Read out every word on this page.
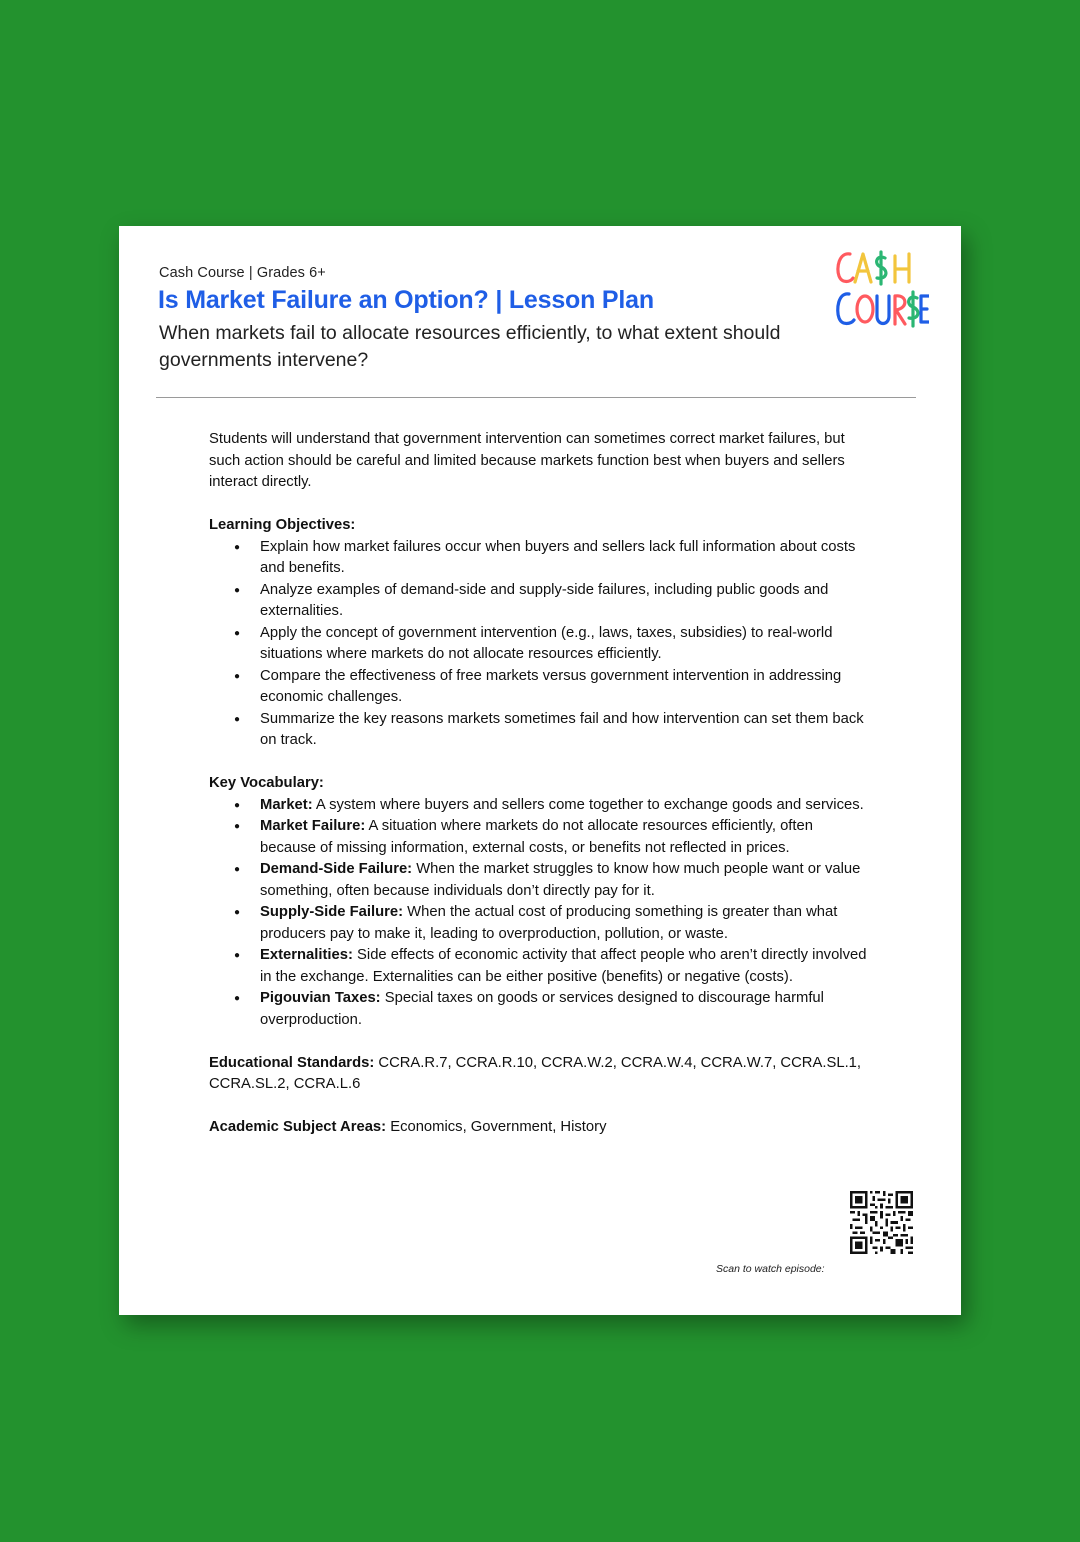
Cash Course | Grades 6+
Is Market Failure an Option? | Lesson Plan

When markets fail to allocate resources efficiently, to what extent should governments intervene?

Students will understand that government intervention can sometimes correct market failures, but such action should be careful and limited because markets function best when buyers and sellers interact directly.

Learning Objectives:

● Explain how market failures occur when buyers and sellers lack full information about costs and benefits.
● Analyze examples of demand-side and supply-side failures, including public goods and externalities.
● Apply the concept of government intervention (e.g., laws, taxes, subsidies) to real-world situations where markets do not allocate resources efficiently.
● Compare the effectiveness of free markets versus government intervention in addressing economic challenges.
● Summarize the key reasons markets sometimes fail and how intervention can set them back on track.

Key Vocabulary:

● Market: A system where buyers and sellers come together to exchange goods and services.
● Market Failure: A situation where markets do not allocate resources efficiently, often because of missing information, external costs, or benefits not reflected in prices.
● Demand-Side Failure: When the market struggles to know how much people want or value something, often because individuals don’t directly pay for it.
● Supply-Side Failure: When the actual cost of producing something is greater than what producers pay to make it, leading to overproduction, pollution, or waste.
● Externalities: Side effects of economic activity that affect people who aren’t directly involved in the exchange. Externalities can be either positive (benefits) or negative (costs).
● Pigouvian Taxes: Special taxes on goods or services designed to discourage harmful overproduction.

Educational Standards: CCRA.R.7, CCRA.R.10, CCRA.W.2, CCRA.W.4, CCRA.W.7, CCRA.SL.1, CCRA.SL.2, CCRA.L.6

Academic Subject Areas: Economics, Government, History

Scan to watch episode:
